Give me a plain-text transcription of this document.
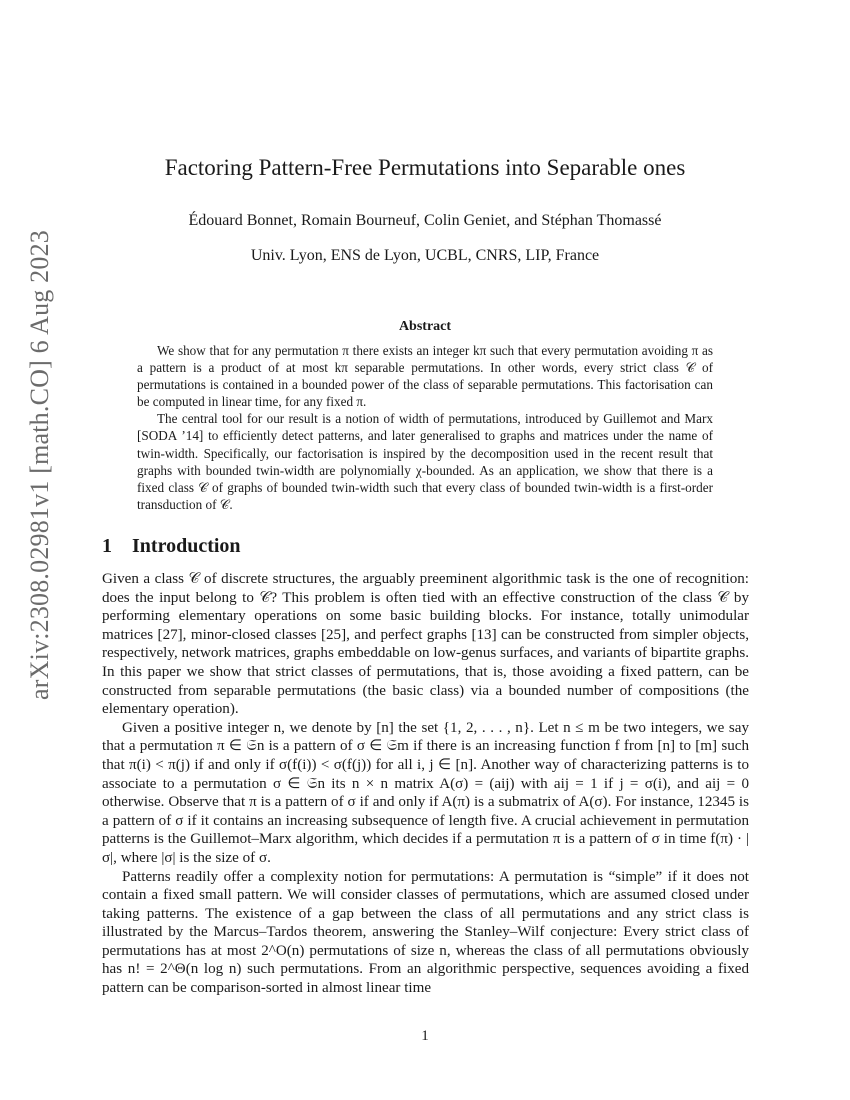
arXiv:2308.02981v1 [math.CO] 6 Aug 2023
Factoring Pattern-Free Permutations into Separable ones
Édouard Bonnet, Romain Bourneuf, Colin Geniet, and Stéphan Thomassé
Univ. Lyon, ENS de Lyon, UCBL, CNRS, LIP, France
Abstract

We show that for any permutation π there exists an integer kπ such that every permutation avoiding π as a pattern is a product of at most kπ separable permutations. In other words, every strict class 𝒞 of permutations is contained in a bounded power of the class of separable permutations. This factorisation can be computed in linear time, for any fixed π.

The central tool for our result is a notion of width of permutations, introduced by Guillemot and Marx [SODA ’14] to efficiently detect patterns, and later generalised to graphs and matrices under the name of twin-width. Specifically, our factorisation is inspired by the decomposition used in the recent result that graphs with bounded twin-width are polynomially χ-bounded. As an application, we show that there is a fixed class 𝒞 of graphs of bounded twin-width such that every class of bounded twin-width is a first-order transduction of 𝒞.

1 Introduction

Given a class 𝒞 of discrete structures, the arguably preeminent algorithmic task is the one of recognition: does the input belong to 𝒞? This problem is often tied with an effective construction of the class 𝒞 by performing elementary operations on some basic building blocks. For instance, totally unimodular matrices [27], minor-closed classes [25], and perfect graphs [13] can be constructed from simpler objects, respectively, network matrices, graphs embeddable on low-genus surfaces, and variants of bipartite graphs. In this paper we show that strict classes of permutations, that is, those avoiding a fixed pattern, can be constructed from separable permutations (the basic class) via a bounded number of compositions (the elementary operation).

Given a positive integer n, we denote by [n] the set {1, 2, . . . , n}. Let n ≤ m be two integers, we say that a permutation π ∈ 𝔖n is a pattern of σ ∈ 𝔖m if there is an increasing function f from [n] to [m] such that π(i) < π(j) if and only if σ(f(i)) < σ(f(j)) for all i, j ∈ [n]. Another way of characterizing patterns is to associate to a permutation σ ∈ 𝔖n its n × n matrix A(σ) = (aij) with aij = 1 if j = σ(i), and aij = 0 otherwise. Observe that π is a pattern of σ if and only if A(π) is a submatrix of A(σ). For instance, 12345 is a pattern of σ if it contains an increasing subsequence of length five. A crucial achievement in permutation patterns is the Guillemot–Marx algorithm, which decides if a permutation π is a pattern of σ in time f(π) · |σ|, where |σ| is the size of σ.

Patterns readily offer a complexity notion for permutations: A permutation is “simple” if it does not contain a fixed small pattern. We will consider classes of permutations, which are assumed closed under taking patterns. The existence of a gap between the class of all permutations and any strict class is illustrated by the Marcus–Tardos theorem, answering the Stanley–Wilf conjecture: Every strict class of permutations has at most 2^O(n) permutations of size n, whereas the class of all permutations obviously has n! = 2^Θ(n log n) such permutations. From an algorithmic perspective, sequences avoiding a fixed pattern can be comparison-sorted in almost linear time

1
